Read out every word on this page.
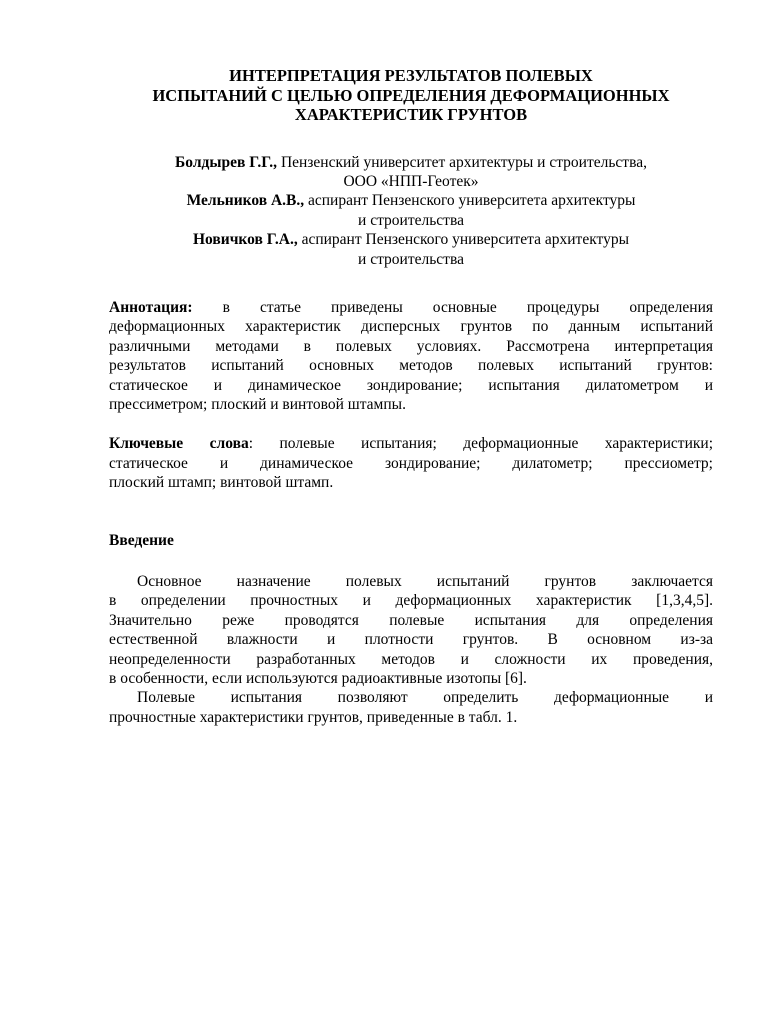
ИНТЕРПРЕТАЦИЯ РЕЗУЛЬТАТОВ ПОЛЕВЫХ
ИСПЫТАНИЙ С ЦЕЛЬЮ ОПРЕДЕЛЕНИЯ ДЕФОРМАЦИОННЫХ
ХАРАКТЕРИСТИК ГРУНТОВ
Болдырев Г.Г., Пензенский университет архитектуры и строительства,
ООО «НПП-Геотек»
Мельников А.В., аспирант Пензенского университета архитектуры
и строительства
Новичков Г.А., аспирант Пензенского университета архитектуры
и строительства
Аннотация: в статье приведены основные процедуры определения
деформационных характеристик дисперсных грунтов по данным испытаний
различными методами в полевых условиях. Рассмотрена интерпретация
результатов испытаний основных методов полевых испытаний грунтов:
статическое и динамическое зондирование; испытания дилатометром и
прессиметром; плоский и винтовой штампы.
Ключевые слова: полевые испытания; деформационные характеристики;
статическое и динамическое зондирование; дилатометр; прессиометр;
плоский штамп; винтовой штамп.
Введение
Основное назначение полевых испытаний грунтов заключается
в определении прочностных и деформационных характеристик [1,3,4,5].
Значительно реже проводятся полевые испытания для определения
естественной влажности и плотности грунтов. В основном из-за
неопределенности разработанных методов и сложности их проведения,
в особенности, если используются радиоактивные изотопы [6].
Полевые испытания позволяют определить деформационные и
прочностные характеристики грунтов, приведенные в табл. 1.
